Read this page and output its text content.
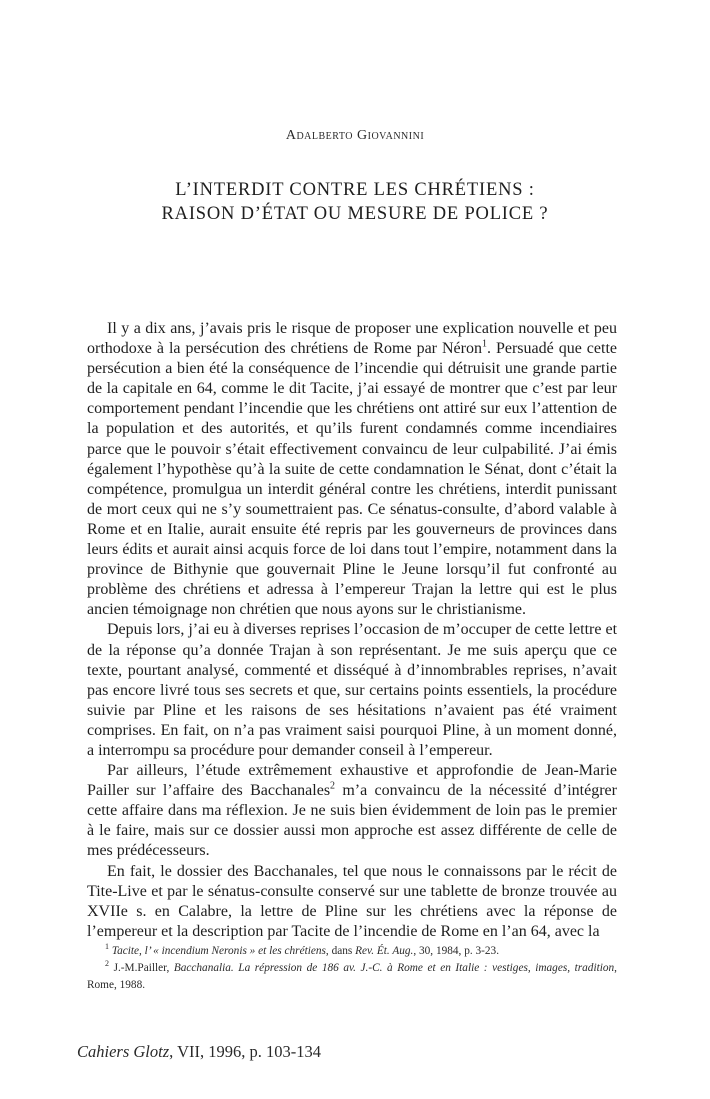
Adalberto Giovannini
L’INTERDIT CONTRE LES CHRÉTIENS :
RAISON D’ÉTAT OU MESURE DE POLICE ?

Il y a dix ans, j’avais pris le risque de proposer une explication nouvelle et peu orthodoxe à la persécution des chrétiens de Rome par Néron$^1$. Persuadé que cette persécution a bien été la conséquence de l’incendie qui détruisit une grande partie de la capitale en 64, comme le dit Tacite, j’ai essayé de montrer que c’est par leur comportement pendant l’incendie que les chrétiens ont attiré sur eux l’attention de la population et des autorités, et qu’ils furent condamnés comme incendiaires parce que le pouvoir s’était effectivement convaincu de leur culpabilité. J’ai émis également l’hypothèse qu’à la suite de cette condamnation le Sénat, dont c’était la compétence, promulgua un interdit général contre les chrétiens, interdit punissant de mort ceux qui ne s’y soumettraient pas. Ce sénatus-consulte, d’abord valable à Rome et en Italie, aurait ensuite été repris par les gouverneurs de provinces dans leurs édits et aurait ainsi acquis force de loi dans tout l’empire, notamment dans la province de Bithynie que gouvernait Pline le Jeune lorsqu’il fut confronté au problème des chrétiens et adressa à l’empereur Trajan la lettre qui est le plus ancien témoignage non chrétien que nous ayons sur le christianisme.

Depuis lors, j’ai eu à diverses reprises l’occasion de m’occuper de cette lettre et de la réponse qu’a donnée Trajan à son représentant. Je me suis aperçu que ce texte, pourtant analysé, commenté et disséqué à d’innombrables reprises, n’avait pas encore livré tous ses secrets et que, sur certains points essentiels, la procédure suivie par Pline et les raisons de ses hésitations n’avaient pas été vraiment comprises. En fait, on n’a pas vraiment saisi pourquoi Pline, à un moment donné, a interrompu sa procédure pour demander conseil à l’empereur.

Par ailleurs, l’étude extrêmement exhaustive et approfondie de Jean-Marie Pailler sur l’affaire des Bacchanales$^2$ m’a convaincu de la nécessité d’intégrer cette affaire dans ma réflexion. Je ne suis bien évidemment de loin pas le premier à le faire, mais sur ce dossier aussi mon approche est assez différente de celle de mes prédécesseurs.

En fait, le dossier des Bacchanales, tel que nous le connaissons par le récit de Tite-Live et par le sénatus-consulte conservé sur une tablette de bronze trouvée au XVIIe s. en Calabre, la lettre de Pline sur les chrétiens avec la réponse de l’empereur et la description par Tacite de l’incendie de Rome en l’an 64, avec la

$^1$ Tacite, l’ « incendium Neronis » et les chrétiens, dans Rev. Ét. Aug., 30, 1984, p. 3-23.

$^2$ J.-M.Pailler, Bacchanalia. La répression de 186 av. J.-C. à Rome et en Italie : vestiges, images, tradition, Rome, 1988.

Cahiers Glotz, VII, 1996, p. 103-134
